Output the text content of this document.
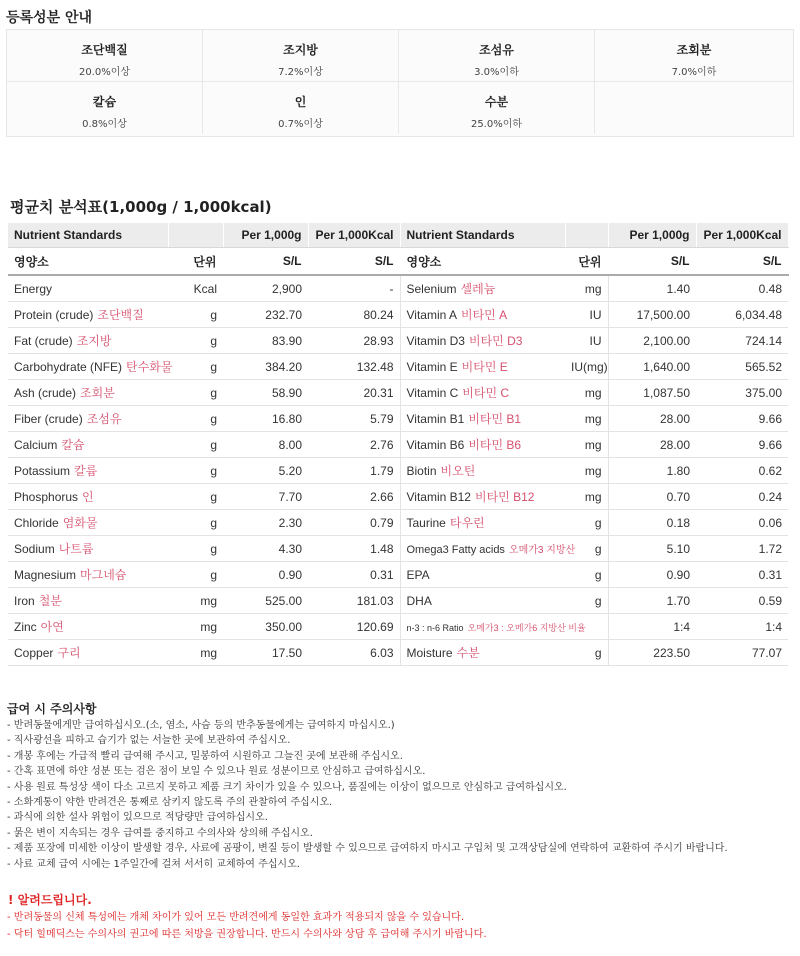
등록성분 안내
조단백질
20.0%이상
조지방
7.2%이상
조섬유
3.0%이하
조회분
7.0%이하
칼슘
0.8%이상
인
0.7%이상
수분
25.0%이하
평균치 분석표(1,000g / 1,000kcal)
Nutrient Standards		Per 1,000g	Per 1,000Kcal	Nutrient Standards		Per 1,000g	Per 1,000Kcal
영양소	단위	S/L	S/L	영양소	단위	S/L	S/L
Energy	Kcal	2,900	-	Selenium 셀레늄	mg	1.40	0.48
Protein (crude) 조단백질	g	232.70	80.24	Vitamin A 비타민 A	IU	17,500.00	6,034.48
Fat (crude) 조지방	g	83.90	28.93	Vitamin D3 비타민 D3	IU	2,100.00	724.14
Carbohydrate (NFE) 탄수화물	g	384.20	132.48	Vitamin E 비타민 E	IU(mg)	1,640.00	565.52
Ash (crude) 조회분	g	58.90	20.31	Vitamin C 비타민 C	mg	1,087.50	375.00
Fiber (crude) 조섬유	g	16.80	5.79	Vitamin B1 비타민 B1	mg	28.00	9.66
Calcium 칼슘	g	8.00	2.76	Vitamin B6 비타민 B6	mg	28.00	9.66
Potassium 칼륨	g	5.20	1.79	Biotin 비오틴	mg	1.80	0.62
Phosphorus 인	g	7.70	2.66	Vitamin B12 비타민 B12	mg	0.70	0.24
Chloride 염화물	g	2.30	0.79	Taurine 타우린	g	0.18	0.06
Sodium 나트륨	g	4.30	1.48	Omega3 Fatty acids 오메가3 지방산	g	5.10	1.72
Magnesium 마그네슘	g	0.90	0.31	EPA	g	0.90	0.31
Iron 철분	mg	525.00	181.03	DHA	g	1.70	0.59
Zinc 아연	mg	350.00	120.69	n-3 : n-6 Ratio 오메가3 : 오메가6 지방산 비율		1:4	1:4
Copper 구리	mg	17.50	6.03	Moisture 수분	g	223.50	77.07
급여 시 주의사항
- 반려동물에게만 급여하십시오.(소, 염소, 사슴 등의 반추동물에게는 급여하지 마십시오.)
- 직사광선을 피하고 습기가 없는 서늘한 곳에 보관하여 주십시오.
- 개봉 후에는 가급적 빨리 급여해 주시고, 밀봉하여 시원하고 그늘진 곳에 보관해 주십시오.
- 간혹 표면에 하얀 성분 또는 검은 점이 보일 수 있으나 원료 성분이므로 안심하고 급여하십시오.
- 사용 원료 특성상 색이 다소 고르지 못하고 제품 크기 차이가 있을 수 있으나, 품질에는 이상이 없으므로 안심하고 급여하십시오.
- 소화계통이 약한 반려견은 통째로 삼키지 않도록 주의 관찰하여 주십시오.
- 과식에 의한 설사 위험이 있으므로 적당량만 급여하십시오.
- 묽은 변이 지속되는 경우 급여를 중지하고 수의사와 상의해 주십시오.
- 제품 포장에 미세한 이상이 발생할 경우, 사료에 곰팡이, 변질 등이 발생할 수 있으므로 급여하지 마시고 구입처 및 고객상담실에 연락하여 교환하여 주시기 바랍니다.
- 사료 교체 급여 시에는 1주일간에 걸쳐 서서히 교체하여 주십시오.
! 알려드립니다.
- 반려동물의 신체 특성에는 개체 차이가 있어 모든 반려견에게 동일한 효과가 적용되지 않을 수 있습니다.
- 닥터 힐메딕스는 수의사의 권고에 따른 처방을 권장합니다. 반드시 수의사와 상담 후 급여해 주시기 바랍니다.
